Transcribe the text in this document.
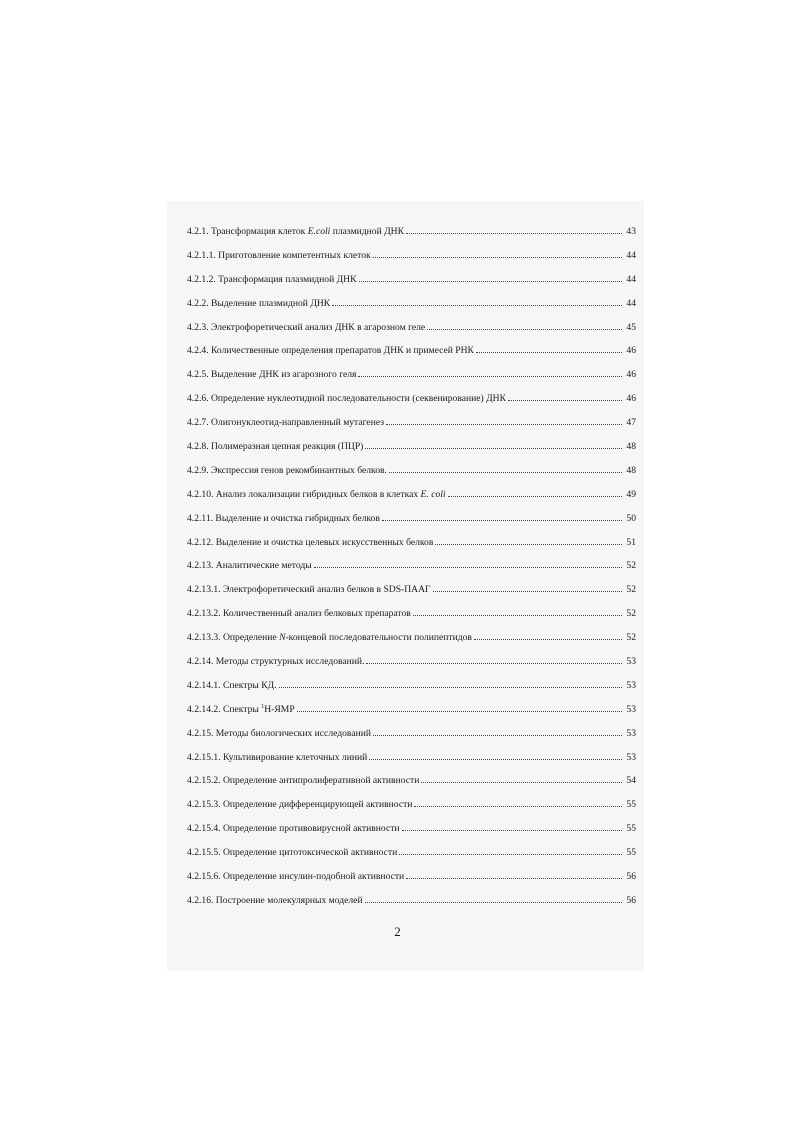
4.2.1. Трансформация клеток E.coli плазмидной ДНК	43
4.2.1.1. Приготовление компетентных клеток	44
4.2.1.2. Трансформация плазмидной ДНК	44
4.2.2. Выделение плазмидной ДНК	44
4.2.3. Электрофоретический анализ ДНК в агарозном геле	45
4.2.4. Количественные определения препаратов ДНК и примесей РНК	46
4.2.5. Выделение ДНК из агарозного геля	46
4.2.6. Определение нуклеотидной последовательности (секвенирование) ДНК	46
4.2.7. Олигонуклеотид-направленный мутагенез	47
4.2.8. Полимеразная цепная реакция (ПЦР)	48
4.2.9. Экспрессия генов рекомбинантных белков.	48
4.2.10. Анализ локализации гибридных белков в клетках E. coli	49
4.2.11. Выделение и очистка гибридных белков	50
4.2.12. Выделение и очистка целевых искусственных белков	51
4.2.13. Аналитические методы	52
4.2.13.1. Электрофоретический анализ белков в SDS-ПААГ	52
4.2.13.2. Количественный анализ белковых препаратов	52
4.2.13.3. Определение N-концевой последовательности полипептидов	52
4.2.14. Методы структурных исследований.	53
4.2.14.1. Спектры КД.	53
4.2.14.2. Спектры $^1$Н-ЯМР	53
4.2.15. Методы биологических исследований	53
4.2.15.1. Культивирование клеточных линий	53
4.2.15.2. Определение антипролиферативной активности	54
4.2.15.3. Определение дифференцирующей активности	55
4.2.15.4. Определение противовирусной активности	55
4.2.15.5. Определение цитотоксической активности	55
4.2.15.6. Определение инсулин-подобной активности	56
4.2.16. Построение молекулярных моделей	56
2
